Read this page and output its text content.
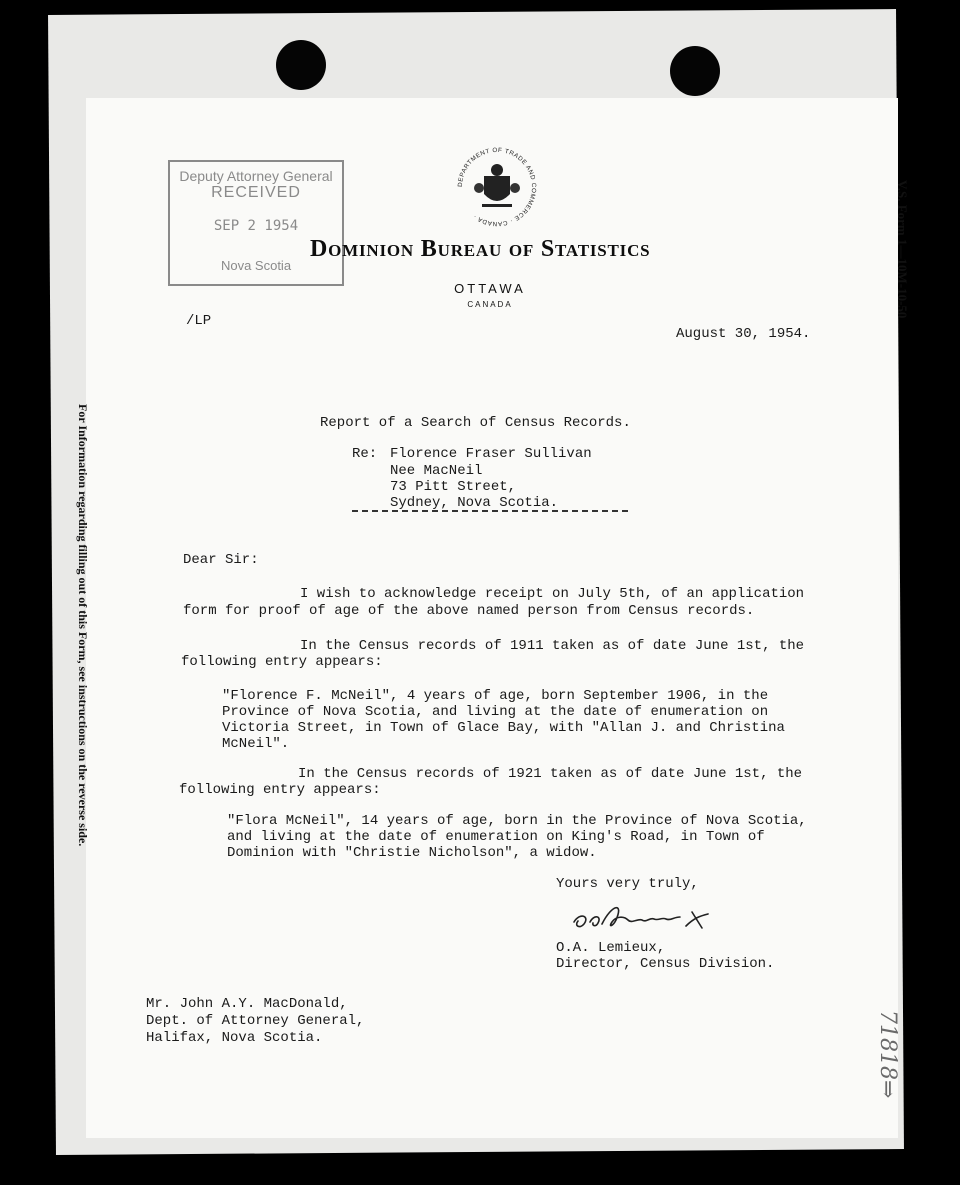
For Information regarding filling out of this Form, see instructions on the reverse side.
V.S. Form 1—10M-10-50
71818⇒
Deputy Attorney General
RECEIVED
SEP 2 1954
Nova Scotia
DEPARTMENT OF TRADE AND COMMERCE · CANADA ·
Dominion Bureau of Statistics
OTTAWA
CANADA
/LP
August 30, 1954.
Report of a Search of Census Records.
Re: Florence Fraser Sullivan
Nee MacNeil
73 Pitt Street,
Sydney, Nova Scotia.
Dear Sir:
I wish to acknowledge receipt on July 5th, of an application
form for proof of age of the above named person from Census records.
In the Census records of 1911 taken as of date June 1st, the
following entry appears:
"Florence F. McNeil", 4 years of age, born September 1906, in the
Province of Nova Scotia, and living at the date of enumeration on
Victoria Street, in Town of Glace Bay, with "Allan J. and Christina
McNeil".
In the Census records of 1921 taken as of date June 1st, the
following entry appears:
"Flora McNeil", 14 years of age, born in the Province of Nova Scotia,
and living at the date of enumeration on King's Road, in Town of
Dominion with "Christie Nicholson", a widow.
Yours very truly,
O.A. Lemieux,
Director, Census Division.
Mr. John A.Y. MacDonald,
Dept. of Attorney General,
Halifax, Nova Scotia.
